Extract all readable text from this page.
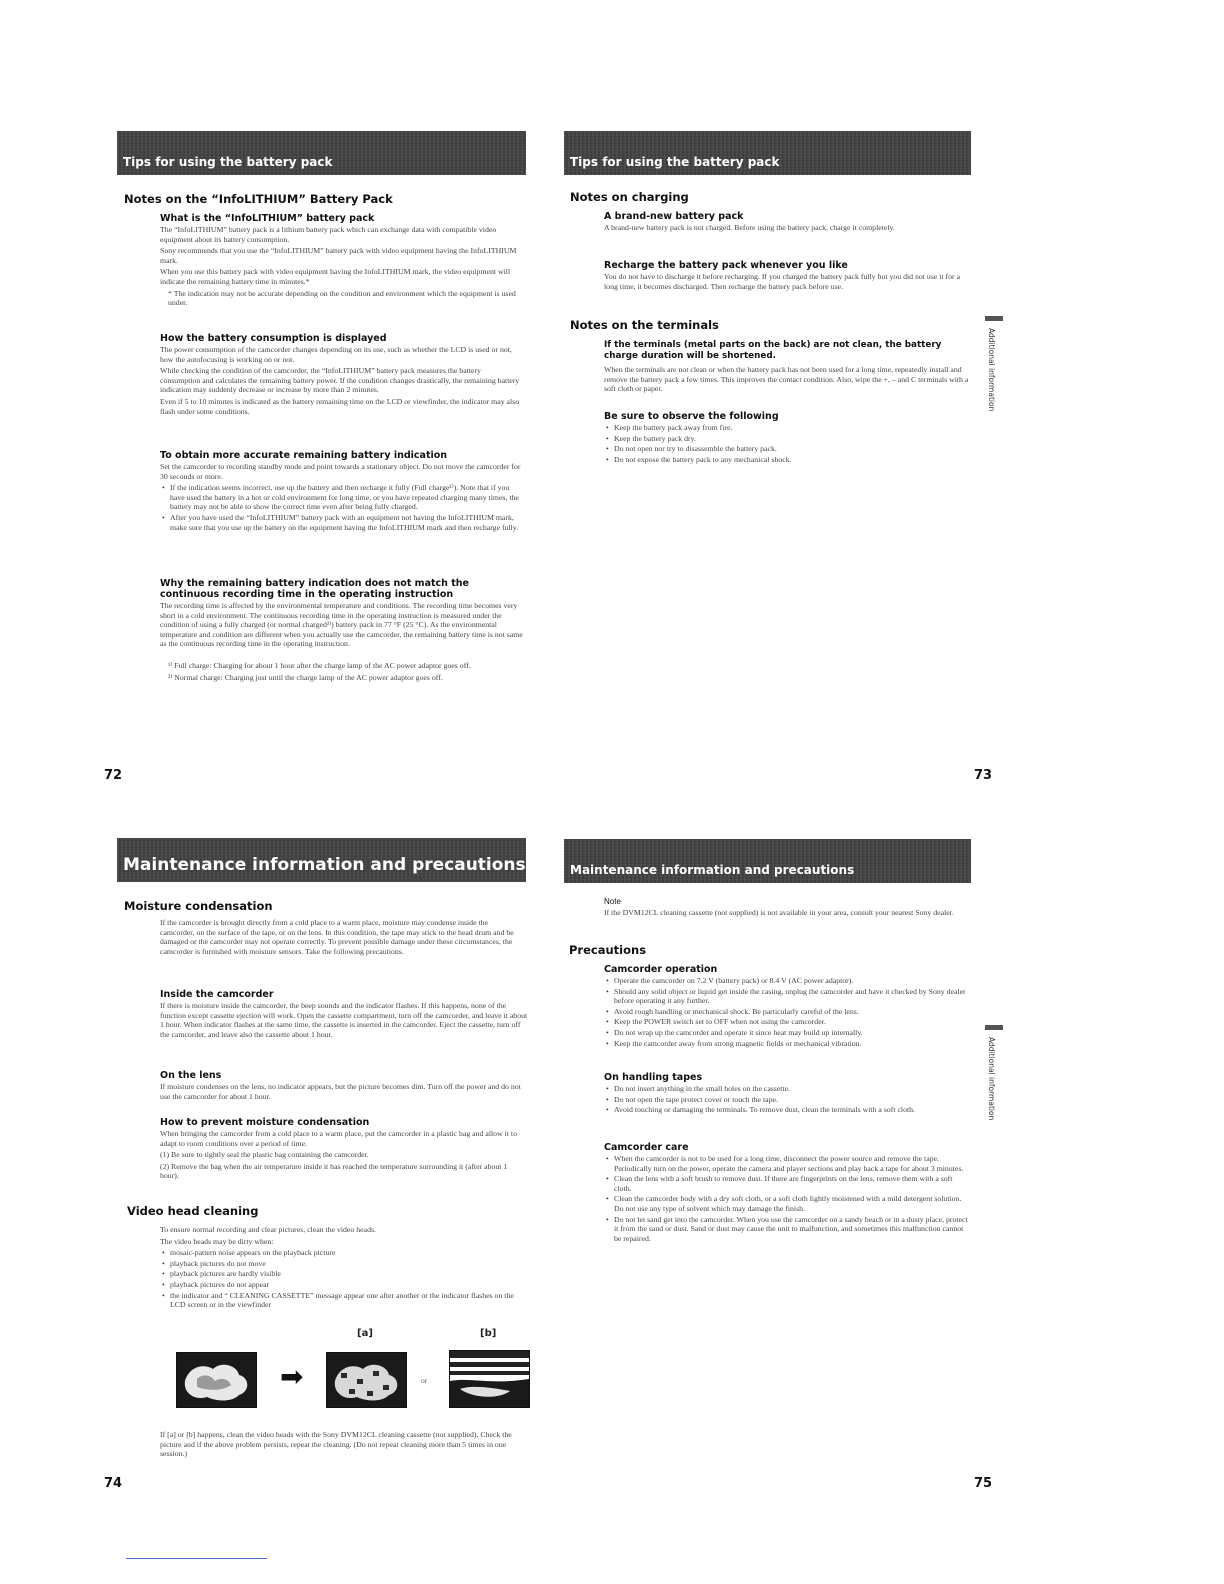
Tips for using the battery pack
Notes on the “InfoLITHIUM” Battery Pack
What is the “InfoLITHIUM” battery pack

The “InfoLITHIUM” battery pack is a lithium battery pack which can exchange data with compatible video equipment about its battery consumption.

Sony recommends that you use the “InfoLITHIUM” battery pack with video equipment having the InfoLITHIUM mark.

When you use this battery pack with video equipment having the InfoLITHIUM mark, the video equipment will indicate the remaining battery time in minutes.*

* The indication may not be accurate depending on the condition and environment which the equipment is used under.

How the battery consumption is displayed

The power consumption of the camcorder changes depending on its use, such as whether the LCD is used or not, how the autofocusing is working on or not.

While checking the condition of the camcorder, the “InfoLITHIUM” battery pack measures the battery consumption and calculates the remaining battery power. If the condition changes drastically, the remaining battery indication may suddenly decrease or increase by more than 2 minutes.

Even if 5 to 10 minutes is indicated as the battery remaining time on the LCD or viewfinder, the indicator may also flash under some conditions.

To obtain more accurate remaining battery indication

Set the camcorder to recording standby mode and point towards a stationary object. Do not move the camcorder for 30 seconds or more.

• If the indication seems incorrect, use up the battery and then recharge it fully (Full charge¹⁾). Note that if you have used the battery in a hot or cold environment for long time, or you have repeated charging many times, the battery may not be able to show the correct time even after being fully charged.
• After you have used the “InfoLITHIUM” battery pack with an equipment not having the InfoLITHIUM mark, make sure that you use up the battery on the equipment having the InfoLITHIUM mark and then recharge fully.
Why the remaining battery indication does not match the continuous recording time in the operating instruction

The recording time is affected by the environmental temperature and conditions. The recording time becomes very short in a cold environment. The continuous recording time in the operating instruction is measured under the condition of using a fully charged (or normal charged²⁾) battery pack in 77 °F (25 °C). As the environmental temperature and condition are different when you actually use the camcorder, the remaining battery time is not same as the continuous recording time in the operating instruction.

¹⁾ Full charge: Charging for about 1 hour after the charge lamp of the AC power adaptor goes off.

²⁾ Normal charge: Charging just until the charge lamp of the AC power adaptor goes off.

72
Tips for using the battery pack
Notes on charging
A brand-new battery pack

A brand-new battery pack is not charged. Before using the battery pack, charge it completely.

Recharge the battery pack whenever you like

You do not have to discharge it before recharging. If you charged the battery pack fully but you did not use it for a long time, it becomes discharged. Then recharge the battery pack before use.

Notes on the terminals
If the terminals (metal parts on the back) are not clean, the battery charge duration will be shortened.

When the terminals are not clean or when the battery pack has not been used for a long time, repeatedly install and remove the battery pack a few times. This improves the contact condition. Also, wipe the +, – and C terminals with a soft cloth or paper.

Be sure to observe the following
• Keep the battery pack away from fire.
• Keep the battery pack dry.
• Do not open nor try to disassemble the battery pack.
• Do not expose the battery pack to any mechanical shock.
Additional information
73
Maintenance information and precautions
Moisture condensation

If the camcorder is brought directly from a cold place to a warm place, moisture may condense inside the camcorder, on the surface of the tape, or on the lens. In this condition, the tape may stick to the head drum and be damaged or the camcorder may not operate correctly. To prevent possible damage under these circumstances, the camcorder is furnished with moisture sensors. Take the following precautions.

Inside the camcorder

If there is moisture inside the camcorder, the beep sounds and the indicator flashes. If this happens, none of the function except cassette ejection will work. Open the cassette compartment, turn off the camcorder, and leave it about 1 hour. When indicator flashes at the same time, the cassette is inserted in the camcorder. Eject the cassette, turn off the camcorder, and leave also the cassette about 1 hour.

On the lens

If moisture condenses on the lens, no indicator appears, but the picture becomes dim. Turn off the power and do not use the camcorder for about 1 hour.

How to prevent moisture condensation

When bringing the camcorder from a cold place to a warm place, put the camcorder in a plastic bag and allow it to adapt to room conditions over a period of time.

(1) Be sure to tightly seal the plastic bag containing the camcorder.

(2) Remove the bag when the air temperature inside it has reached the temperature surrounding it (after about 1 hour).

Video head cleaning

To ensure normal recording and clear pictures, clean the video heads.

The video heads may be dirty when:

• mosaic-pattern noise appears on the playback picture
• playback pictures do not move
• playback pictures are hardly visible
• playback pictures do not appear
• the indicator and “ CLEANING CASSETTE” message appear one after another or the indicator flashes on the LCD screen or in the viewfinder
[a]	[b]
➡	or

If [a] or [b] happens, clean the video heads with the Sony DVM12CL cleaning cassette (not supplied). Check the picture and if the above problem persists, repeat the cleaning. (Do not repeat cleaning more than 5 times in one session.)

74
Maintenance information and precautions
Note

If the DVM12CL cleaning cassette (not supplied) is not available in your area, consult your nearest Sony dealer.

Precautions
Camcorder operation
• Operate the camcorder on 7.2 V (battery pack) or 8.4 V (AC power adaptor).
• Should any solid object or liquid get inside the casing, unplug the camcorder and have it checked by Sony dealer before operating it any further.
• Avoid rough handling or mechanical shock. Be particularly careful of the lens.
• Keep the POWER switch set to OFF when not using the camcorder.
• Do not wrap up the camcorder and operate it since heat may build up internally.
• Keep the camcorder away from strong magnetic fields or mechanical vibration.
On handling tapes
• Do not insert anything in the small holes on the cassette.
• Do not open the tape protect cover or touch the tape.
• Avoid touching or damaging the terminals. To remove dust, clean the terminals with a soft cloth.
Camcorder care
• When the camcorder is not to be used for a long time, disconnect the power source and remove the tape. Periodically turn on the power, operate the camera and player sections and play back a tape for about 3 minutes.
• Clean the lens with a soft brush to remove dust. If there are fingerprints on the lens, remove them with a soft cloth.
• Clean the camcorder body with a dry soft cloth, or a soft cloth lightly moistened with a mild detergent solution. Do not use any type of solvent which may damage the finish.
• Do not let sand get into the camcorder. When you use the camcorder on a sandy beach or in a dusty place, protect it from the sand or dust. Sand or dust may cause the unit to malfunction, and sometimes this malfunction cannot be repaired.
Additional information
75
